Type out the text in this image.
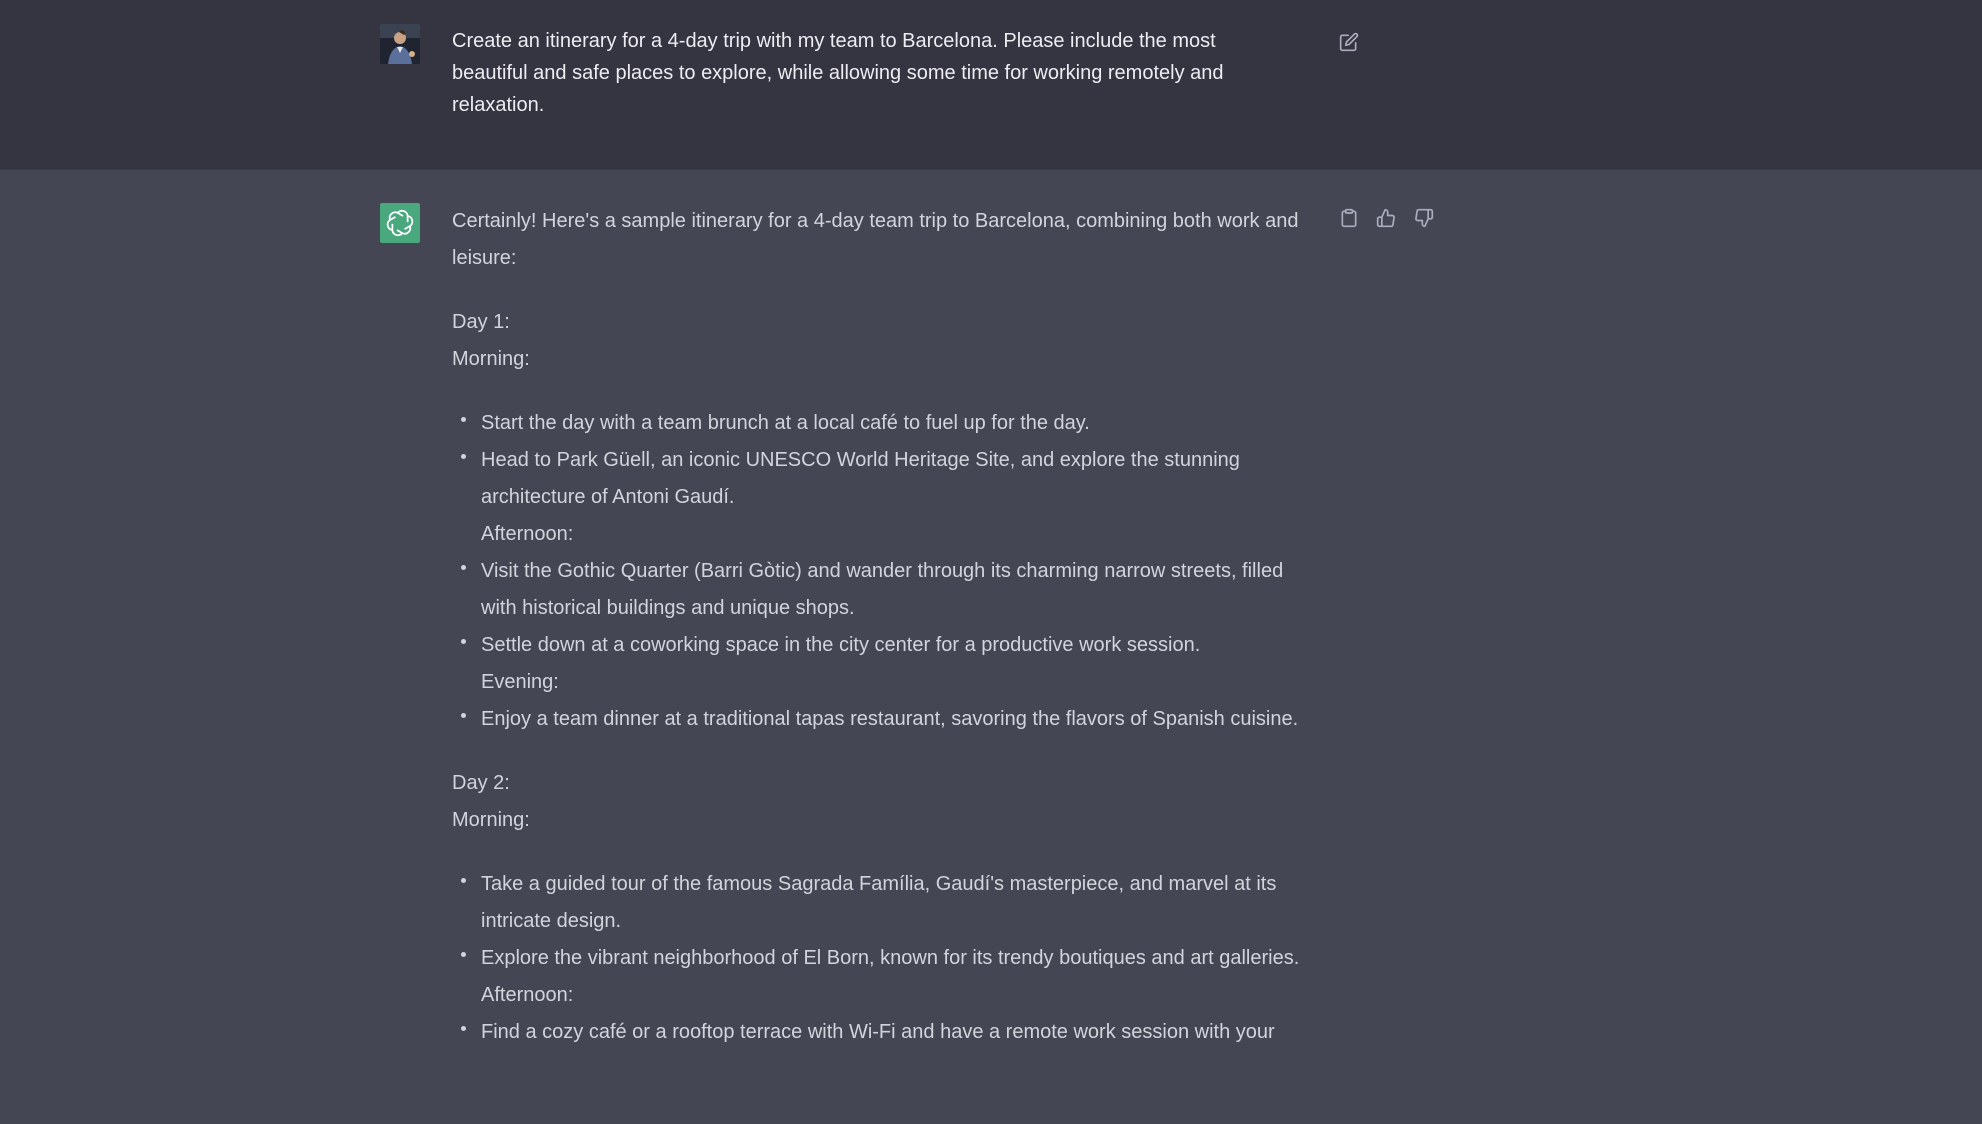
Create an itinerary for a 4-day trip with my team to Barcelona. Please include the most beautiful and safe places to explore, while allowing some time for working remotely and relaxation.

Certainly! Here's a sample itinerary for a 4-day team trip to Barcelona, combining both work and leisure:

Day 1:

Morning:

Start the day with a team brunch at a local café to fuel up for the day.
Head to Park Güell, an iconic UNESCO World Heritage Site, and explore the stunning architecture of Antoni Gaudí.
Afternoon:
Visit the Gothic Quarter (Barri Gòtic) and wander through its charming narrow streets, filled with historical buildings and unique shops.
Settle down at a coworking space in the city center for a productive work session.
Evening:
Enjoy a team dinner at a traditional tapas restaurant, savoring the flavors of Spanish cuisine.

Day 2:

Morning:

Take a guided tour of the famous Sagrada Família, Gaudí's masterpiece, and marvel at its intricate design.
Explore the vibrant neighborhood of El Born, known for its trendy boutiques and art galleries.
Afternoon:
Find a cozy café or a rooftop terrace with Wi-Fi and have a remote work session with your
